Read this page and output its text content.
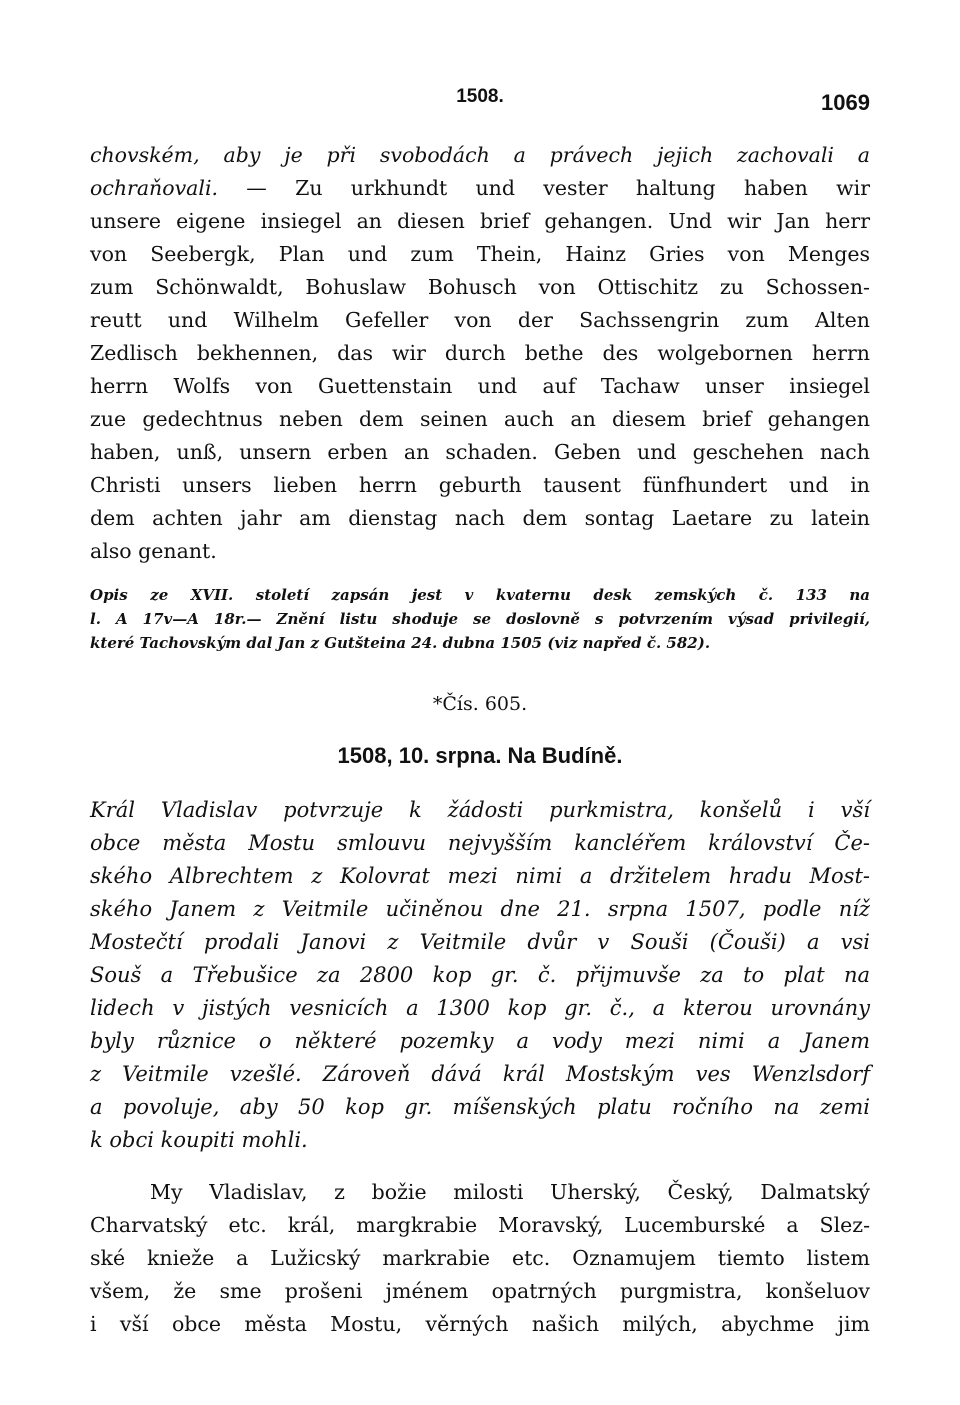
1508.	1069
chovském, aby je při svobodách a právech jejich zachovali a
ochraňovali. — Zu urkhundt und vester haltung haben wir
unsere eigene insiegel an diesen brief gehangen. Und wir Jan herr
von Seebergk, Plan und zum Thein, Hainz Gries von Menges
zum Schönwaldt, Bohuslaw Bohusch von Ottischitz zu Schossen-
reutt und Wilhelm Gefeller von der Sachssengrin zum Alten
Zedlisch bekhennen, das wir durch bethe des wolgebornen herrn
herrn Wolfs von Guettenstain und auf Tachaw unser insiegel
zue gedechtnus neben dem seinen auch an diesem brief gehangen
haben, unß, unsern erben an schaden. Geben und geschehen nach
Christi unsers lieben herrn geburth tausent fünfhundert und in
dem achten jahr am dienstag nach dem sontag Laetare zu latein
also genant.
Opis ze XVII. století zapsán jest v kvaternu desk zemských č. 133 na
l. A 17v—A 18r.— Znění listu shoduje se doslovně s potvrzením výsad privilegií,
které Tachovským dal Jan z Gutšteina 24. dubna 1505 (viz napřed č. 582).
*Čís. 605.
1508, 10. srpna. Na Budíně.
Král Vladislav potvrzuje k žádosti purkmistra, konšelů i vší
obce města Mostu smlouvu nejvyšším kancléřem království Če-
ského Albrechtem z Kolovrat mezi nimi a držitelem hradu Most-
ského Janem z Veitmile učiněnou dne 21. srpna 1507, podle níž
Mostečtí prodali Janovi z Veitmile dvůr v Souši (Čouši) a vsi
Souš a Třebušice za 2800 kop gr. č. přijmuvše za to plat na
lidech v jistých vesnicích a 1300 kop gr. č., a kterou urovnány
byly různice o některé pozemky a vody mezi nimi a Janem
z Veitmile vzešlé. Zároveň dává král Mostským ves Wenzlsdorf
a povoluje, aby 50 kop gr. míšenských platu ročního na zemi
k obci koupiti mohli.
My Vladislav, z božie milosti Uherský, Český, Dalmatský
Charvatský etc. král, margkrabie Moravský, Lucemburské a Slez-
ské knieže a Lužicský markrabie etc. Oznamujem tiemto listem
všem, že sme prošeni jménem opatrných purgmistra, konšeluov
i vší obce města Mostu, věrných našich milých, abychme jim
